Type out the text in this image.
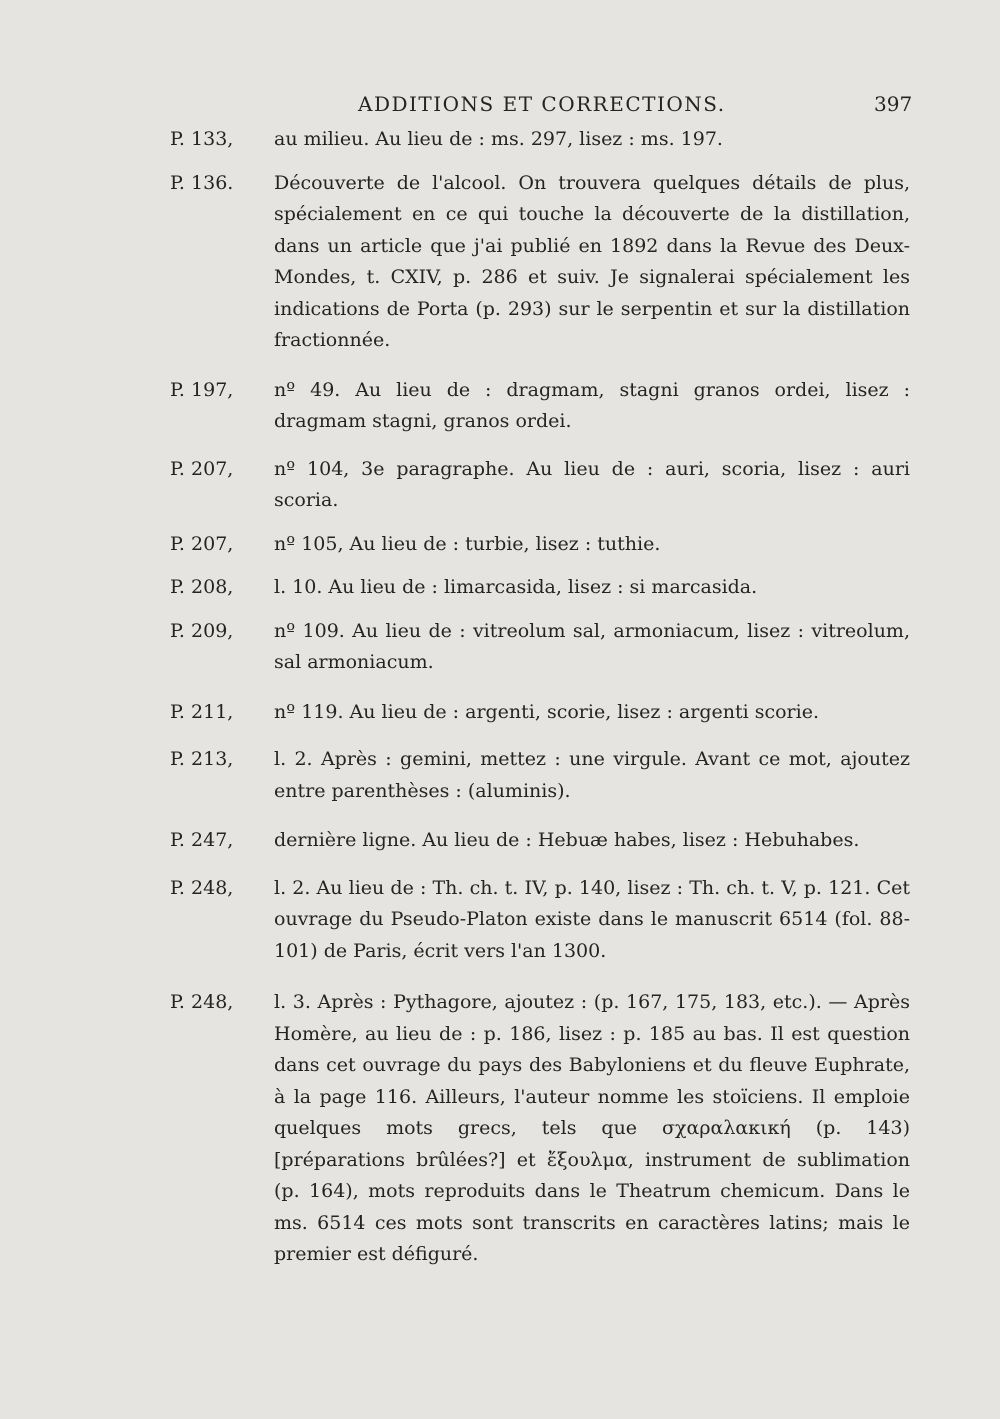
ADDITIONS ET CORRECTIONS.	397
P. 133, au milieu. Au lieu de : ms. 297, lisez : ms. 197.
P. 136. Découverte de l'alcool. On trouvera quelques détails de plus, spécialement en ce qui touche la découverte de la distillation, dans un article que j'ai publié en 1892 dans la Revue des Deux-Mondes, t. CXIV, p. 286 et suiv. Je signalerai spécialement les indications de Porta (p. 293) sur le serpentin et sur la distillation fractionnée.
P. 197, nº 49. Au lieu de : dragmam, stagni granos ordei, lisez : dragmam stagni, granos ordei.
P. 207, nº 104, 3e paragraphe. Au lieu de : auri, scoria, lisez : auri scoria.
P. 207, nº 105, Au lieu de : turbie, lisez : tuthie.
P. 208, l. 10. Au lieu de : limarcasida, lisez : si marcasida.
P. 209, nº 109. Au lieu de : vitreolum sal, armoniacum, lisez : vitreolum, sal armoniacum.
P. 211, nº 119. Au lieu de : argenti, scorie, lisez : argenti scorie.
P. 213, l. 2. Après : gemini, mettez : une virgule. Avant ce mot, ajoutez entre parenthèses : (aluminis).
P. 247, dernière ligne. Au lieu de : Hebuæ habes, lisez : Hebuhabes.
P. 248, l. 2. Au lieu de : Th. ch. t. IV, p. 140, lisez : Th. ch. t. V, p. 121. Cet ouvrage du Pseudo-Platon existe dans le manuscrit 6514 (fol. 88-101) de Paris, écrit vers l'an 1300.
P. 248, l. 3. Après : Pythagore, ajoutez : (p. 167, 175, 183, etc.). — Après Homère, au lieu de : p. 186, lisez : p. 185 au bas. Il est question dans cet ouvrage du pays des Babyloniens et du fleuve Euphrate, à la page 116. Ailleurs, l'auteur nomme les stoïciens. Il emploie quelques mots grecs, tels que σχαραλακική (p. 143) [préparations brûlées?] et ἔξουλμα, instrument de sublimation (p. 164), mots reproduits dans le Theatrum chemicum. Dans le ms. 6514 ces mots sont transcrits en caractères latins; mais le premier est défiguré.
